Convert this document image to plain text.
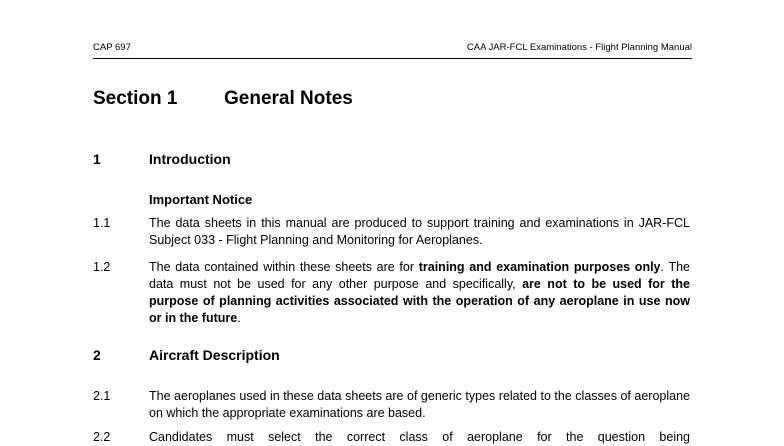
CAP 697	CAA JAR-FCL Examinations - Flight Planning Manual
Section 1 General Notes
1	Introduction
Important Notice
1.1	The data sheets in this manual are produced to support training and examinations in JAR-FCL Subject 033 - Flight Planning and Monitoring for Aeroplanes.

1.2	The data contained within these sheets are for training and examination purposes only. The data must not be used for any other purpose and specifically, are not to be used for the purpose of planning activities associated with the operation of any aeroplane in use now or in the future.

2	Aircraft Description
2.1	The aeroplanes used in these data sheets are of generic types related to the classes of aeroplane on which the appropriate examinations are based.

2.2	Candidates must select the correct class of aeroplane for the question being
